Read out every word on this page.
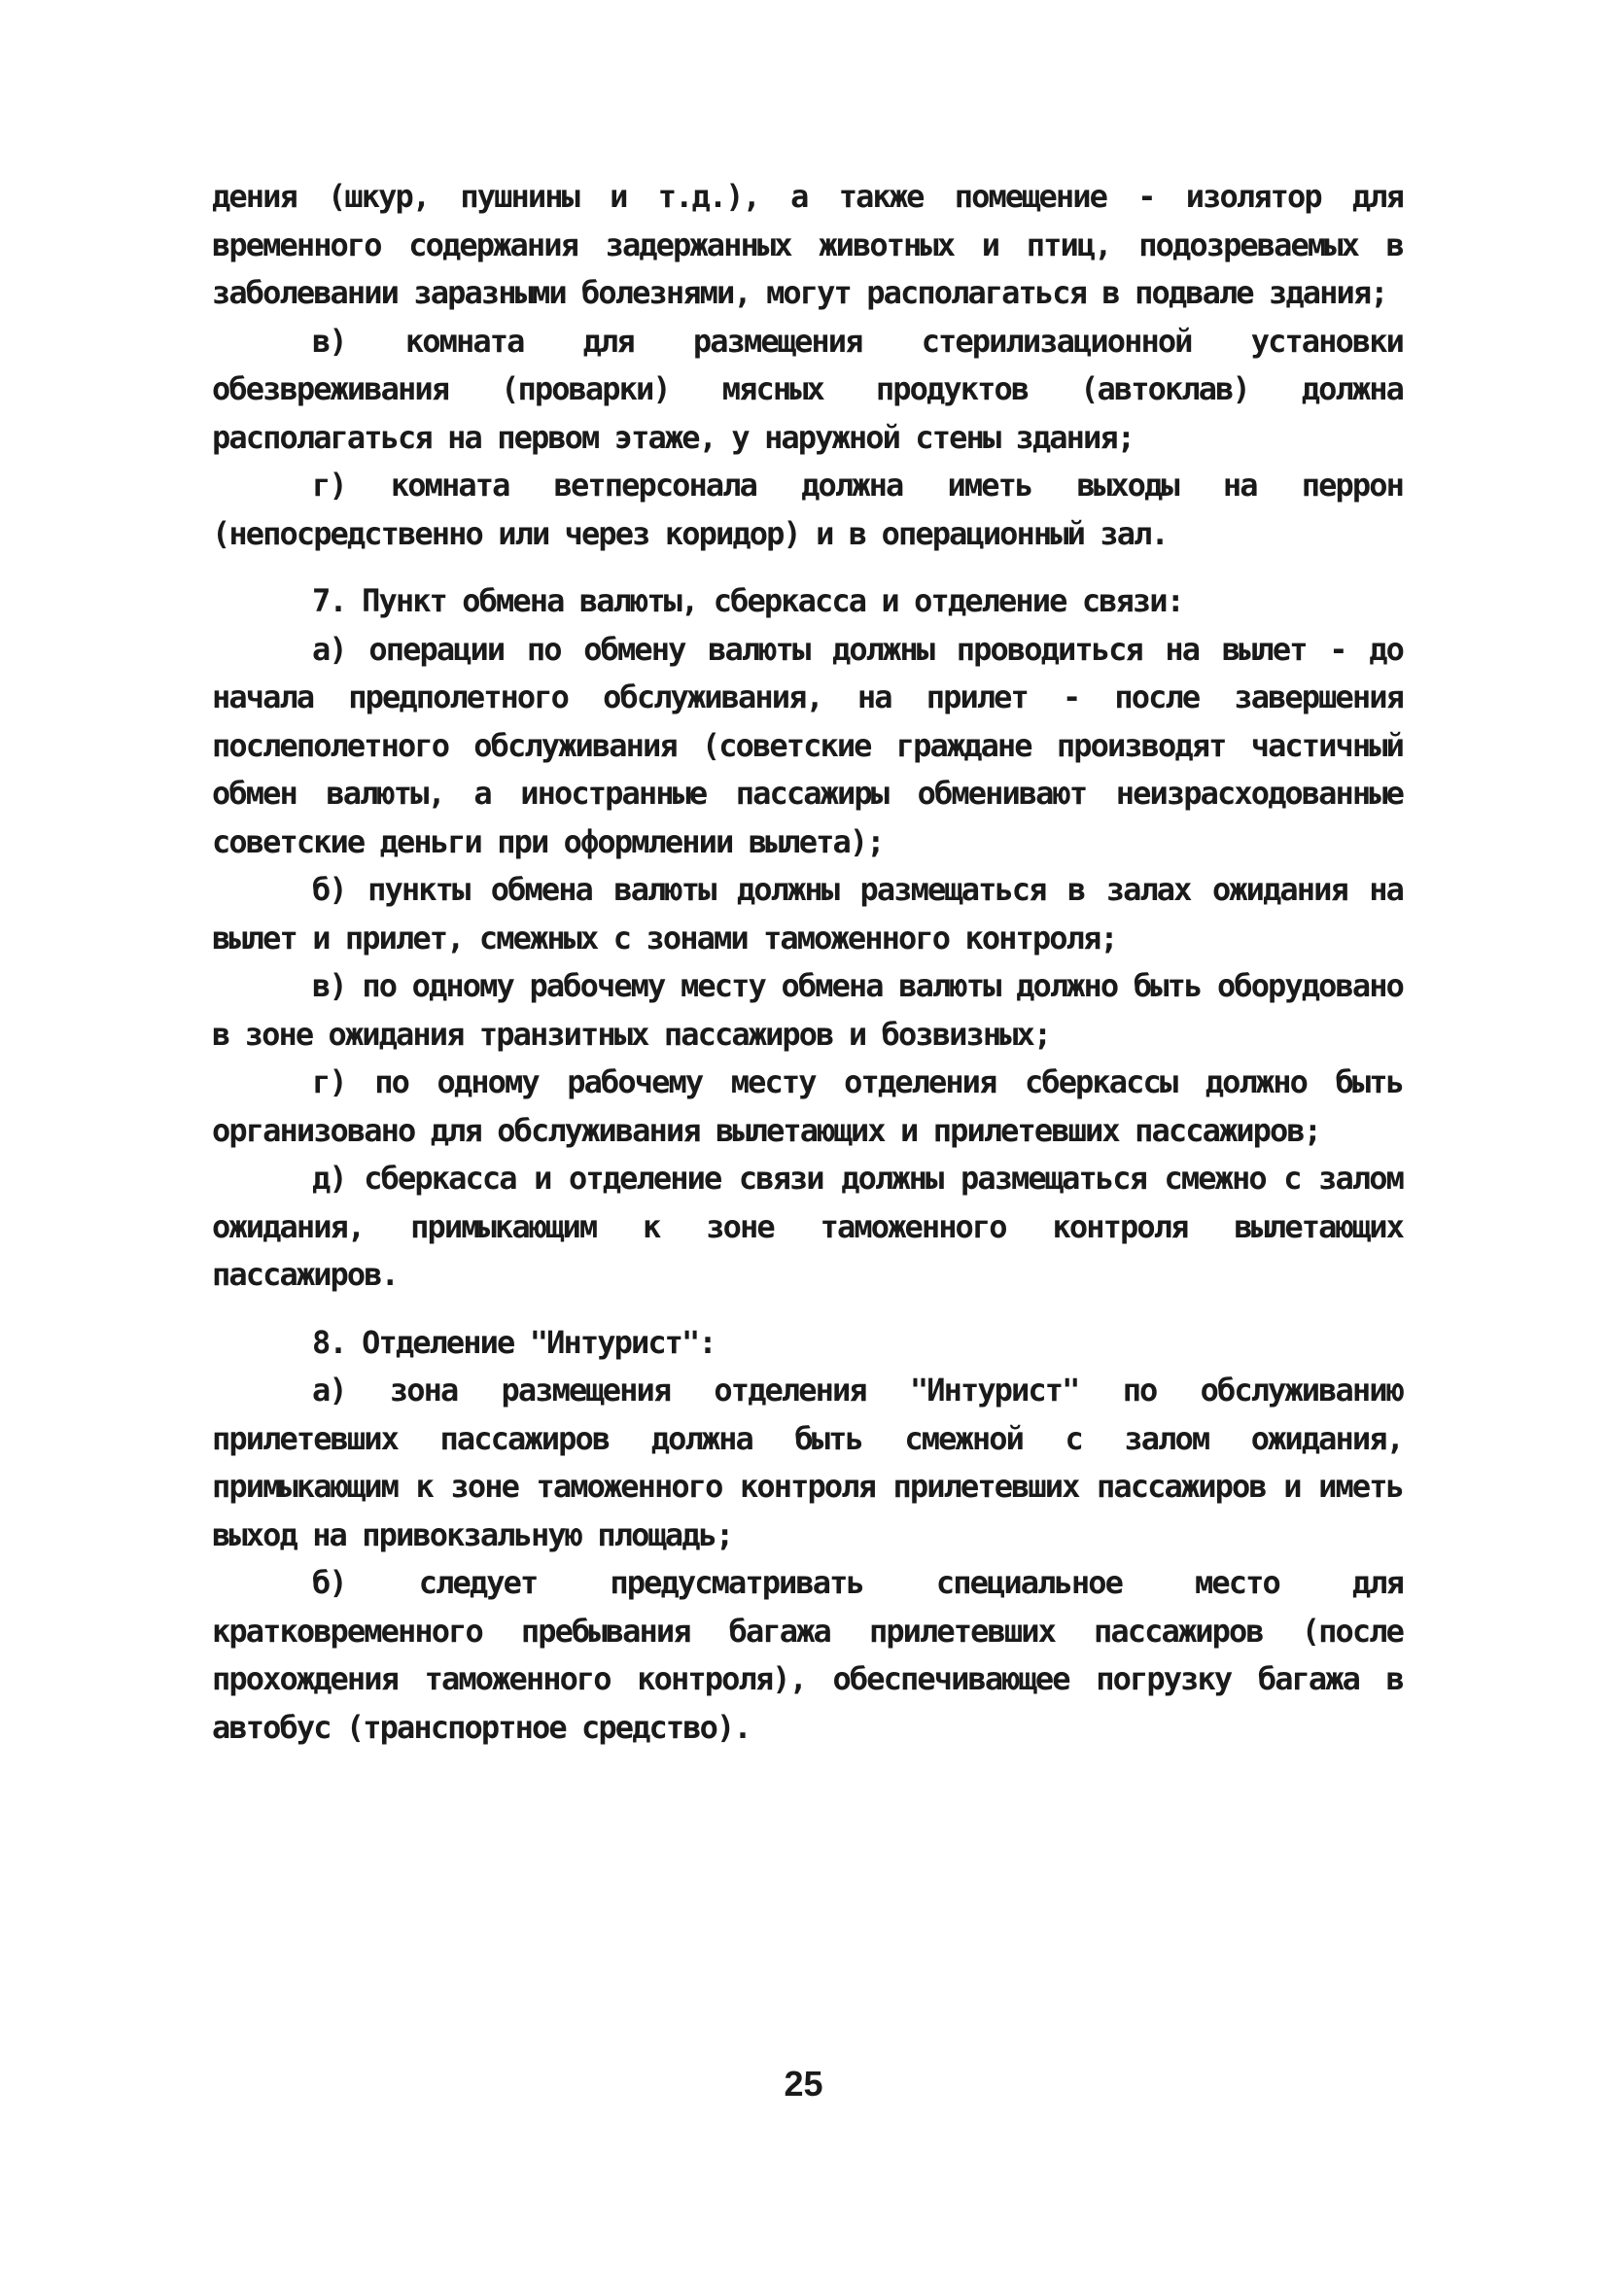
дения (шкур, пушнины и т.д.), а также помещение - изолятор для временного содержания задержанных животных и птиц, подозреваемых в заболевании заразными болезнями, могут располагаться в подвале здания;

в) комната для размещения стерилизационной установки обезвреживания (проварки) мясных продуктов (автоклав) должна располагаться на первом этаже, у наружной стены здания;

г) комната ветперсонала должна иметь выходы на перрон (непосредственно или через коридор) и в операционный зал.

7. Пункт обмена валюты, сберкасса и отделение связи:

а) операции по обмену валюты должны проводиться на вылет - до начала предполетного обслуживания, на прилет - после завершения послеполетного обслуживания (советские граждане производят частичный обмен валюты, а иностранные пассажиры обменивают неизрасходованные советские деньги при оформлении вылета);

б) пункты обмена валюты должны размещаться в залах ожидания на вылет и прилет, смежных с зонами таможенного контроля;

в) по одному рабочему месту обмена валюты должно быть оборудовано в зоне ожидания транзитных пассажиров и бозвизных;

г) по одному рабочему месту отделения сберкассы должно быть организовано для обслуживания вылетающих и прилетевших пассажиров;

д) сберкасса и отделение связи должны размещаться смежно с залом ожидания, примыкающим к зоне таможенного контроля вылетающих пассажиров.

8. Отделение "Интурист":

а) зона размещения отделения "Интурист" по обслуживанию прилетевших пассажиров должна быть смежной с залом ожидания, примыкающим к зоне таможенного контроля прилетевших пассажиров и иметь выход на привокзальную площадь;

б) следует предусматривать специальное место для кратковременного пребывания багажа прилетевших пассажиров (после прохождения таможенного контроля), обеспечивающее погрузку багажа в автобус (транспортное средство).

25
